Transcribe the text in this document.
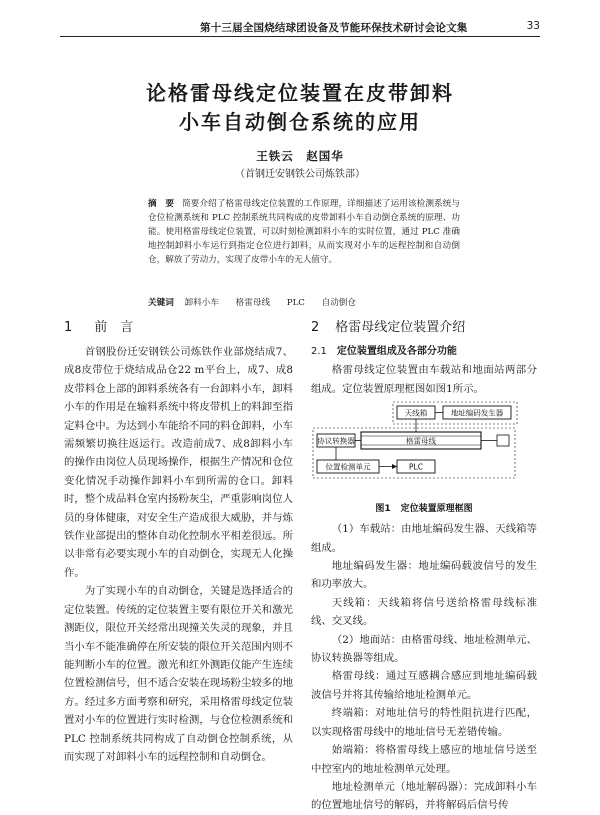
第十三届全国烧结球团设备及节能环保技术研讨会论文集	33
论格雷母线定位装置在皮带卸料
小车自动倒仓系统的应用
王铁云　赵国华
（首钢迁安钢铁公司炼铁部）
摘　要 简要介绍了格雷母线定位装置的工作原理，详细描述了运用该检测系统与仓位检测系统和 PLC 控制系统共同构成的皮带卸料小车自动倒仓系统的原理、功能。使用格雷母线定位装置，可以时刻检测卸料小车的实时位置，通过 PLC 准确地控制卸料小车运行到指定仓位进行卸料，从而实现对小车的远程控制和自动倒仓，解放了劳动力，实现了皮带小车的无人值守。
关键词 卸料小车 格雷母线 PLC 自动倒仓
1 前　言

首钢股份迁安钢铁公司炼铁作业部烧结成7、成8皮带位于烧结成品仓22 m平台上，成7、成8皮带料仓上部的卸料系统各有一台卸料小车，卸料小车的作用是在输料系统中将皮带机上的料卸至指定料仓中。为达到小车能给不同的料仓卸料，小车需频繁切换往返运行。改造前成7、成8卸料小车的操作由岗位人员现场操作，根据生产情况和仓位变化情况手动操作卸料小车到所需的仓口。卸料时，整个成品料仓室内扬粉灰尘，严重影响岗位人员的身体健康，对安全生产造成很大威胁，并与炼铁作业部提出的整体自动化控制水平相差很远。所以非常有必要实现小车的自动倒仓，实现无人化操作。

为了实现小车的自动倒仓，关键是选择适合的定位装置。传统的定位装置主要有限位开关和激光测距仪，限位开关经常出现撞关失灵的现象，并且当小车不能准确停在所安装的限位开关范围内则不能判断小车的位置。激光和红外测距仪能产生连续位置检测信号，但不适合安装在现场粉尘较多的地方。经过多方面考察和研究，采用格雷母线定位装置对小车的位置进行实时检测，与仓位检测系统和 PLC 控制系统共同构成了自动倒仓控制系统，从而实现了对卸料小车的远程控制和自动倒仓。

2 格雷母线定位装置介绍
2.1 定位装置组成及各部分功能

格雷母线定位装置由车载站和地面站两部分组成。定位装置原理框图如图1所示。

天线箱	地址编码发生器
协议转换器	格雷母线
位置检测单元	PLC
图1 定位装置原理框图

（1）车载站：由地址编码发生器、天线箱等组成。

地址编码发生器：地址编码载波信号的发生和功率放大。

天线箱：天线箱将信号送给格雷母线标准线、交叉线。

（2）地面站：由格雷母线、地址检测单元、协议转换器等组成。

格雷母线：通过互感耦合感应到地址编码载波信号并将其传输给地址检测单元。

终端箱：对地址信号的特性阻抗进行匹配，以实现格雷母线中的地址信号无差错传输。

始端箱：将格雷母线上感应的地址信号送至中控室内的地址检测单元处理。

地址检测单元（地址解码器）：完成卸料小车的位置地址信号的解码，并将解码后信号传
